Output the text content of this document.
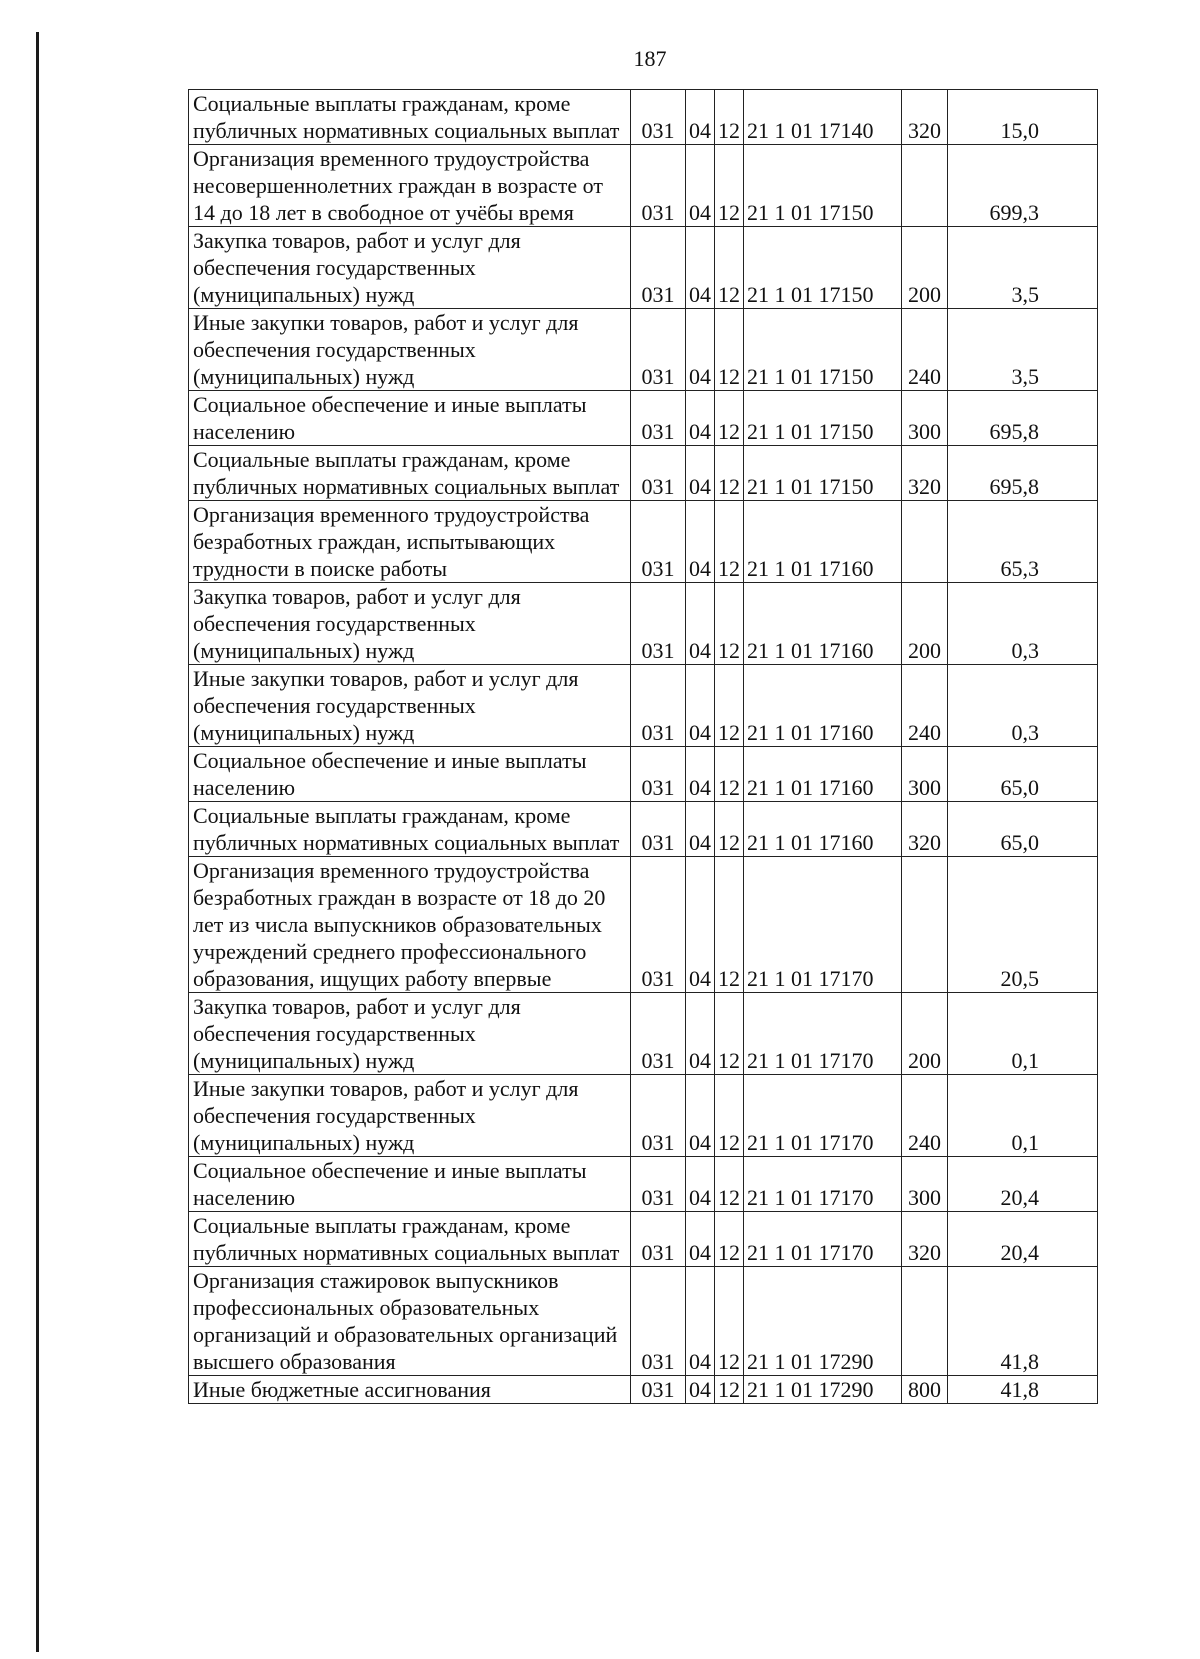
187
Социальные выплаты гражданам, кроме публичных нормативных социальных выплат	031	04	12	21 1 01 17140	320	15,0
Организация временного трудоустройства несовершеннолетних граждан в возрасте от 14 до 18 лет в свободное от учёбы время	031	04	12	21 1 01 17150		699,3
Закупка товаров, работ и услуг для обеспечения государственных (муниципальных) нужд	031	04	12	21 1 01 17150	200	3,5
Иные закупки товаров, работ и услуг для обеспечения государственных (муниципальных) нужд	031	04	12	21 1 01 17150	240	3,5
Социальное обеспечение и иные выплаты населению	031	04	12	21 1 01 17150	300	695,8
Социальные выплаты гражданам, кроме публичных нормативных социальных выплат	031	04	12	21 1 01 17150	320	695,8
Организация временного трудоустройства безработных граждан, испытывающих трудности в поиске работы	031	04	12	21 1 01 17160		65,3
Закупка товаров, работ и услуг для обеспечения государственных (муниципальных) нужд	031	04	12	21 1 01 17160	200	0,3
Иные закупки товаров, работ и услуг для обеспечения государственных (муниципальных) нужд	031	04	12	21 1 01 17160	240	0,3
Социальное обеспечение и иные выплаты населению	031	04	12	21 1 01 17160	300	65,0
Социальные выплаты гражданам, кроме публичных нормативных социальных выплат	031	04	12	21 1 01 17160	320	65,0
Организация временного трудоустройства безработных граждан в возрасте от 18 до 20 лет из числа выпускников образовательных учреждений среднего профессионального образования, ищущих работу впервые	031	04	12	21 1 01 17170		20,5
Закупка товаров, работ и услуг для обеспечения государственных (муниципальных) нужд	031	04	12	21 1 01 17170	200	0,1
Иные закупки товаров, работ и услуг для обеспечения государственных (муниципальных) нужд	031	04	12	21 1 01 17170	240	0,1
Социальное обеспечение и иные выплаты населению	031	04	12	21 1 01 17170	300	20,4
Социальные выплаты гражданам, кроме публичных нормативных социальных выплат	031	04	12	21 1 01 17170	320	20,4
Организация стажировок выпускников профессиональных образовательных организаций и образовательных организаций высшего образования	031	04	12	21 1 01 17290		41,8
Иные бюджетные ассигнования	031	04	12	21 1 01 17290	800	41,8
